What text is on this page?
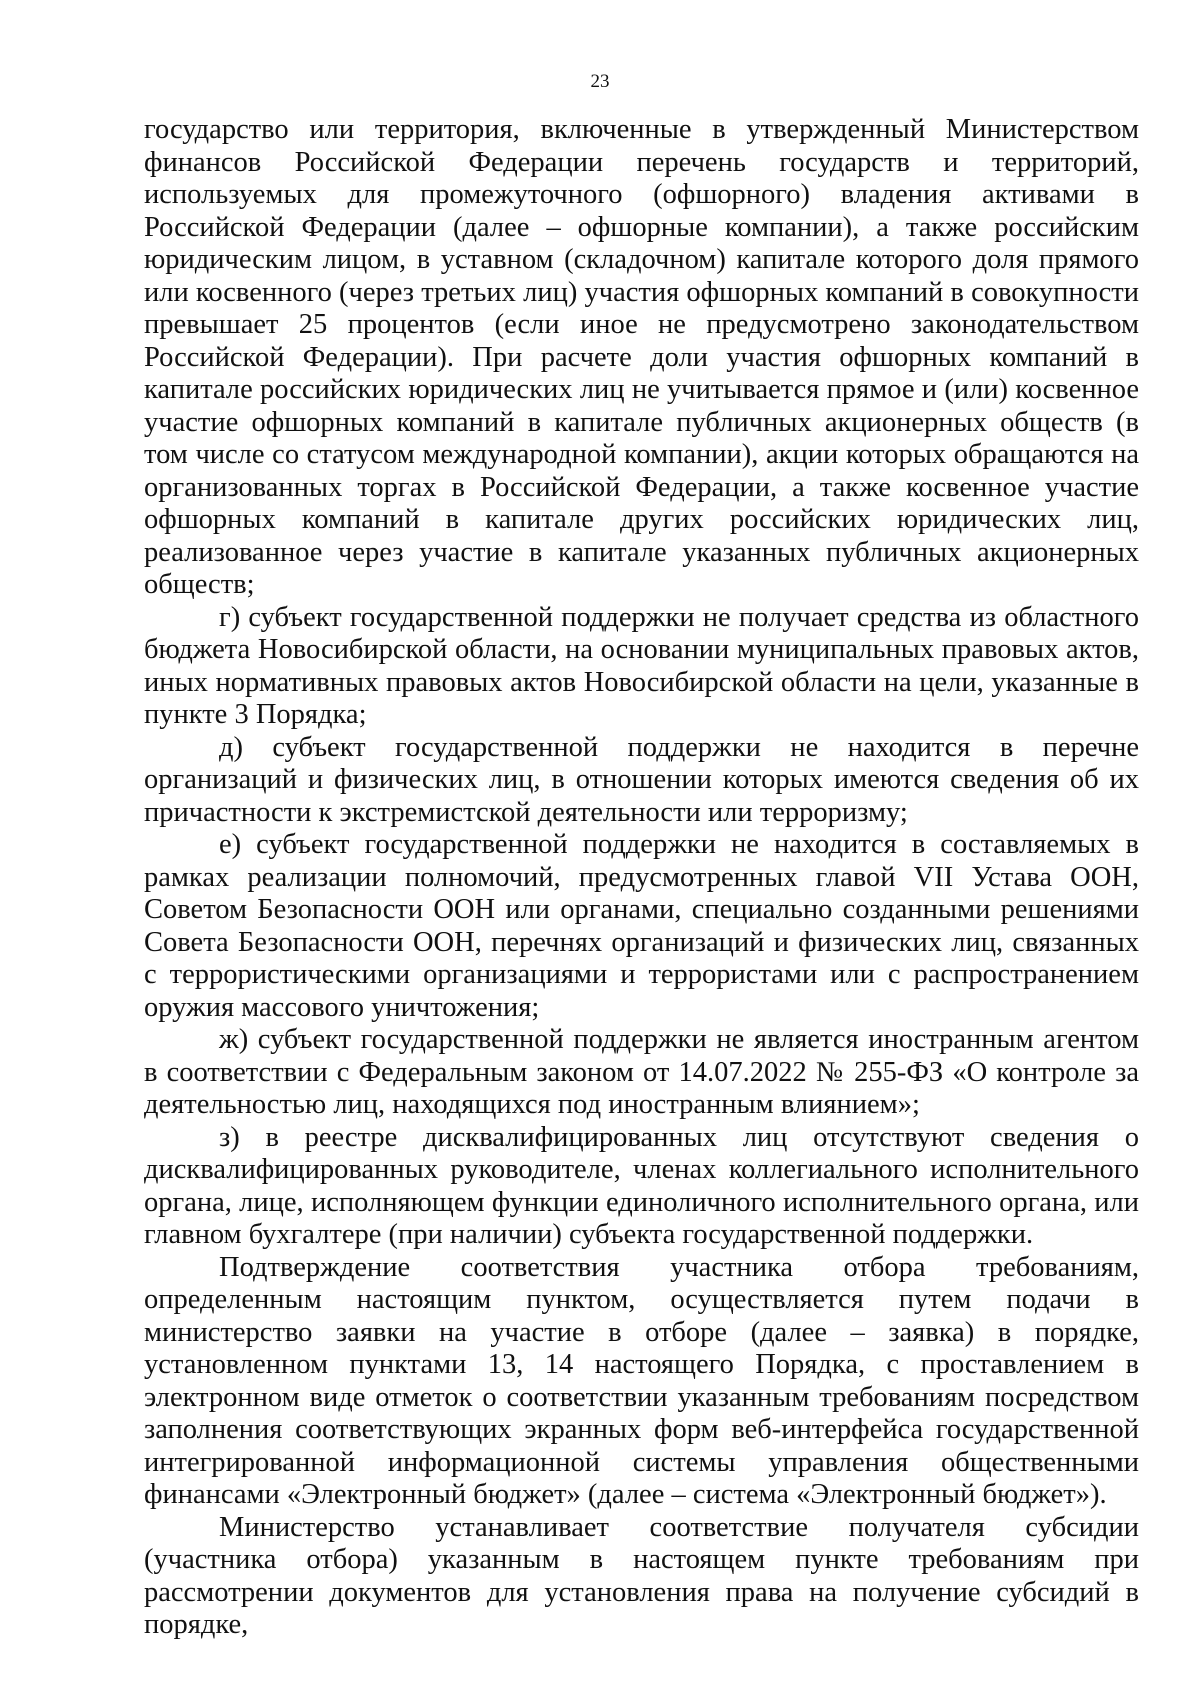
23

государство или территория, включенные в утвержденный Министерством финансов Российской Федерации перечень государств и территорий, используемых для промежуточного (офшорного) владения активами в Российской Федерации (далее – офшорные компании), а также российским юридическим лицом, в уставном (складочном) капитале которого доля прямого или косвенного (через третьих лиц) участия офшорных компаний в совокупности превышает 25 процентов (если иное не предусмотрено законодательством Российской Федерации). При расчете доли участия офшорных компаний в капитале российских юридических лиц не учитывается прямое и (или) косвенное участие офшорных компаний в капитале публичных акционерных обществ (в том числе со статусом международной компании), акции которых обращаются на организованных торгах в Российской Федерации, а также косвенное участие офшорных компаний в капитале других российских юридических лиц, реализованное через участие в капитале указанных публичных акционерных обществ;

г) субъект государственной поддержки не получает средства из областного бюджета Новосибирской области, на основании муниципальных правовых актов, иных нормативных правовых актов Новосибирской области на цели, указанные в пункте 3 Порядка;

д) субъект государственной поддержки не находится в перечне организаций и физических лиц, в отношении которых имеются сведения об их причастности к экстремистской деятельности или терроризму;

е) субъект государственной поддержки не находится в составляемых в рамках реализации полномочий, предусмотренных главой VII Устава ООН, Советом Безопасности ООН или органами, специально созданными решениями Совета Безопасности ООН, перечнях организаций и физических лиц, связанных с террористическими организациями и террористами или с распространением оружия массового уничтожения;

ж) субъект государственной поддержки не является иностранным агентом в соответствии с Федеральным законом от 14.07.2022 № 255-ФЗ «О контроле за деятельностью лиц, находящихся под иностранным влиянием»;

з) в реестре дисквалифицированных лиц отсутствуют сведения о дисквалифицированных руководителе, членах коллегиального исполнительного органа, лице, исполняющем функции единоличного исполнительного органа, или главном бухгалтере (при наличии) субъекта государственной поддержки.

Подтверждение соответствия участника отбора требованиям, определенным настоящим пунктом, осуществляется путем подачи в министерство заявки на участие в отборе (далее – заявка) в порядке, установленном пунктами 13, 14 настоящего Порядка, с проставлением в электронном виде отметок о соответствии указанным требованиям посредством заполнения соответствующих экранных форм веб-интерфейса государственной интегрированной информационной системы управления общественными финансами «Электронный бюджет» (далее – система «Электронный бюджет»).

Министерство устанавливает соответствие получателя субсидии (участника отбора) указанным в настоящем пункте требованиям при рассмотрении документов для установления права на получение субсидий в порядке,
